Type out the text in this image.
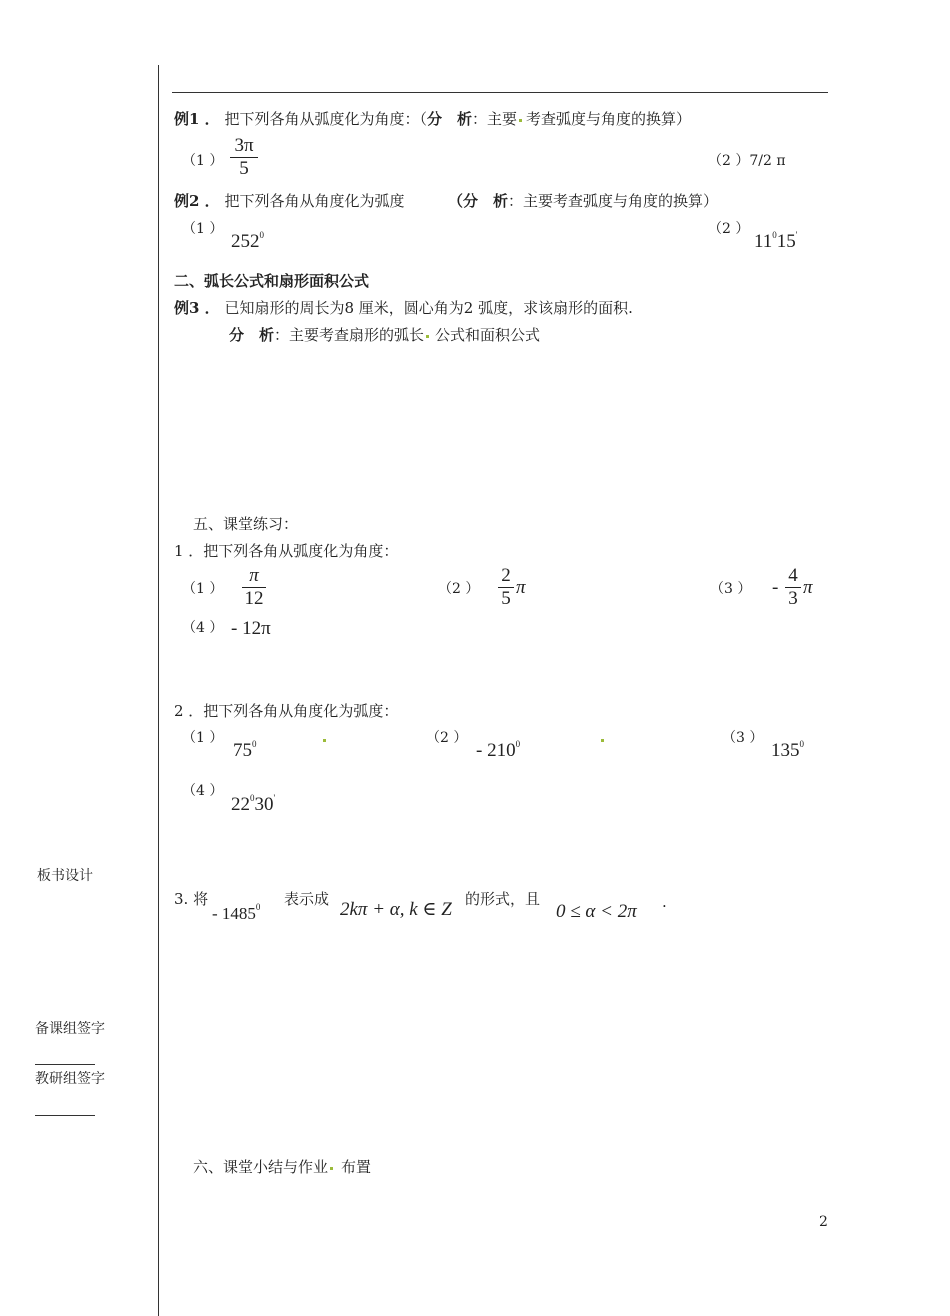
例1 ． 把下列各角从弧度化为角度：（分　析：主要 考查弧度与角度的换算）
（1 ）
3π
5	（2 ）7/2 π
例2 ． 把下列各角从角度化为弧度	（分　析：主要考查弧度与角度的换算）
（1 ）
$252^0$	（2 ）
$11^015'$
二、弧长公式和扇形面积公式
例3 ． 已知扇形的周长为8 厘米，圆心角为2 弧度，求该扇形的面积.
分　析：主要考查扇形的弧长 公式和面积公式
五、课堂练习：
1 ．把下列各角从弧度化为角度：
（1 ）
π
12	（2 ）
2
5
π	（3 ） -
4
3
π
（4 ） - 12π
2 ．把下列各角从角度化为弧度：
（1 ）
$75^0$	（2 ）
- $210^0$	（3 ）
$135^0$
（4 ）
$22^030'$
3. 将
- 1485$^0$ 表示成 2kπ + α, k ∈ Z 的形式，且
0 ≤ α < 2π .
六、课堂小结与作业 布置
板书设计
备课组签字
教研组签字
2
